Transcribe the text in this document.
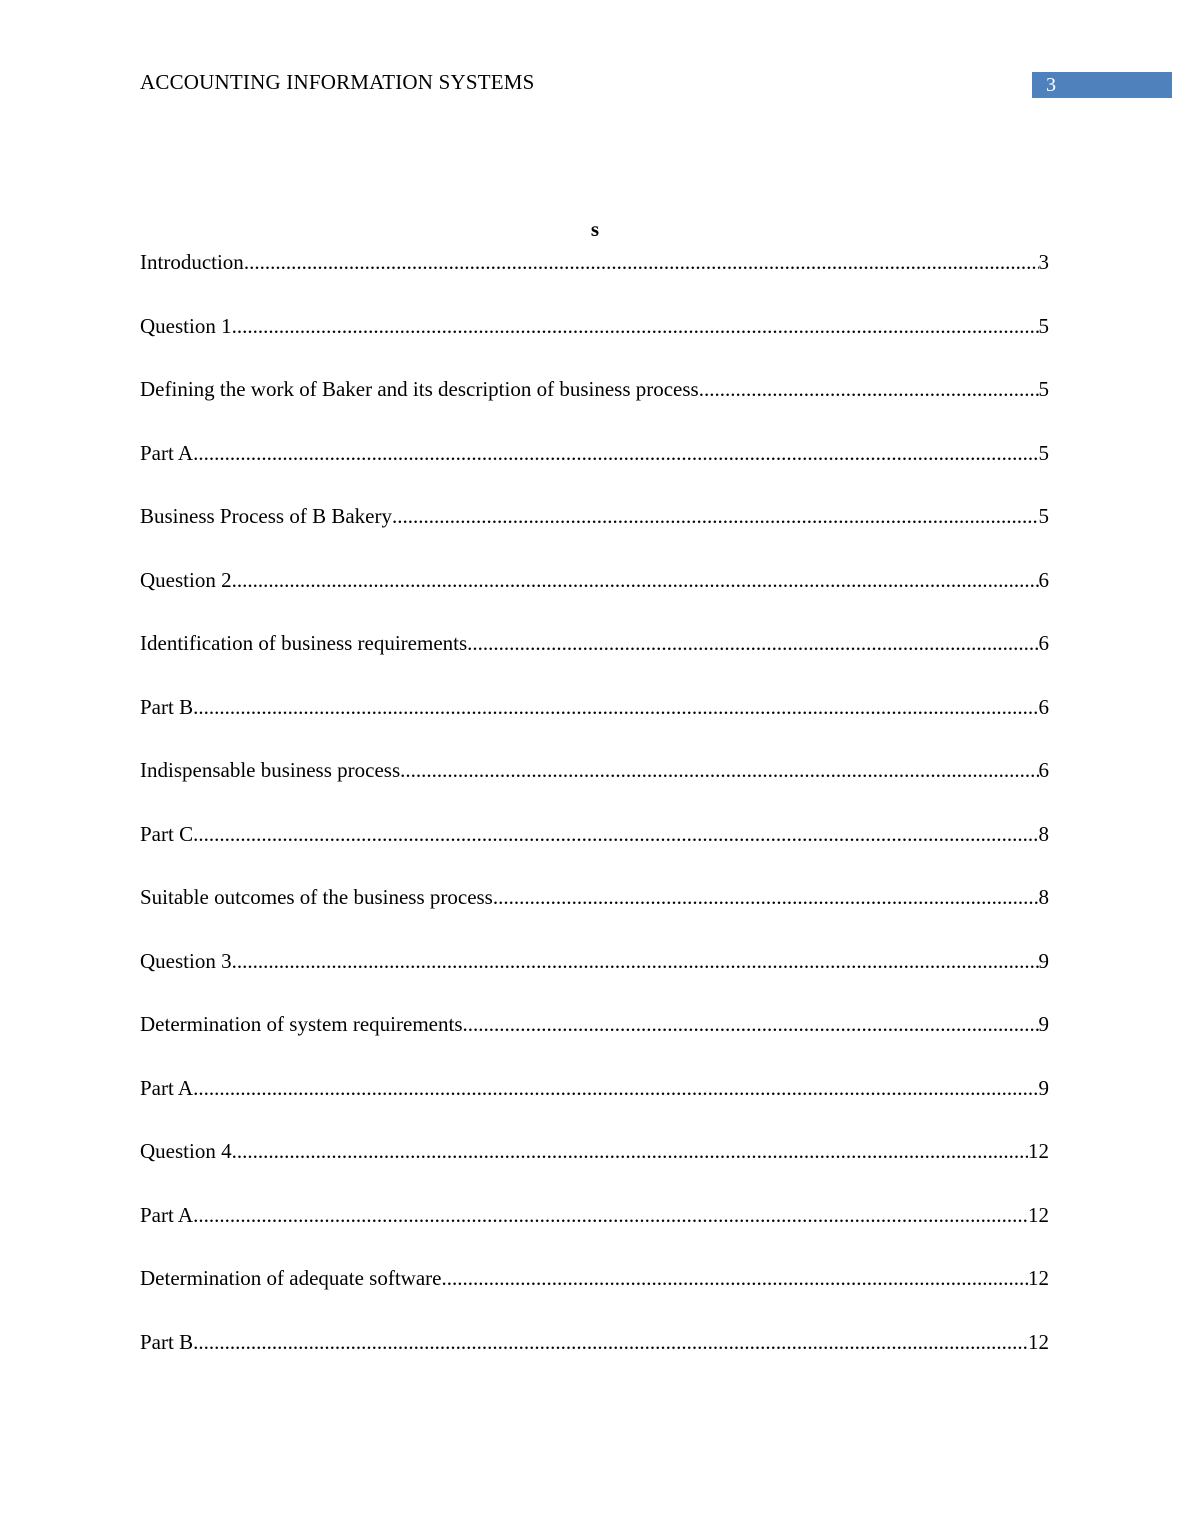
ACCOUNTING INFORMATION SYSTEMS	3
s
Introduction .....	3
Question 1 .....	5
Defining the work of Baker and its description of business process .....	5
Part A .....	5
Business Process of B Bakery .....	5
Question 2 .....	6
Identification of business requirements .....	6
Part B .....	6
Indispensable business process .....	6
Part C .....	8
Suitable outcomes of the business process .....	8
Question 3 .....	9
Determination of system requirements .....	9
Part A .....	9
Question 4 .....	12
Part A .....	12
Determination of adequate software .....	12
Part B .....	12
